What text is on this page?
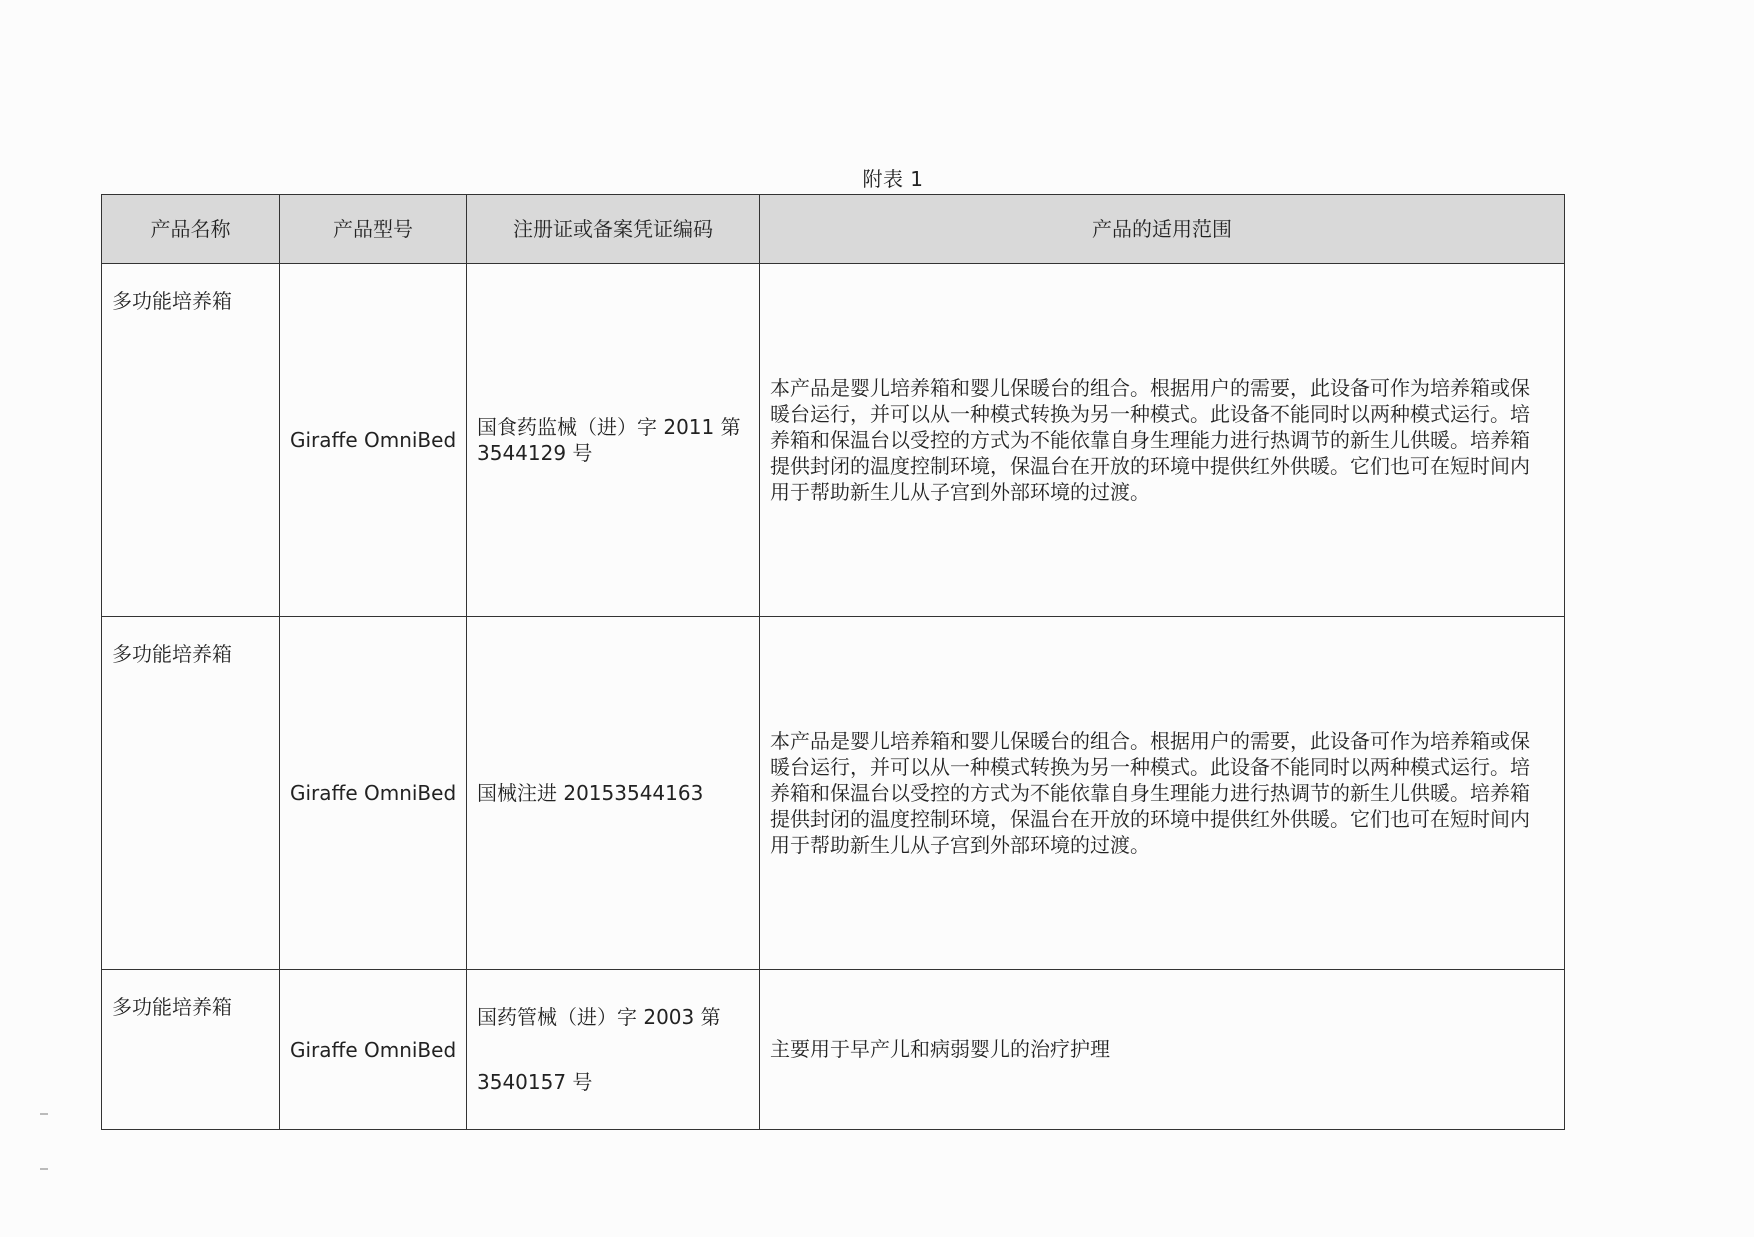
附表 1
产品名称	产品型号	注册证或备案凭证编码	产品的适用范围
多功能培养箱	Giraffe OmniBed	国食药监械（进）字 2011 第 3544129 号	本产品是婴儿培养箱和婴儿保暖台的组合。根据用户的需要，此设备可作为培养箱或保暖台运行，并可以从一种模式转换为另一种模式。此设备不能同时以两种模式运行。培养箱和保温台以受控的方式为不能依靠自身生理能力进行热调节的新生儿供暖。培养箱提供封闭的温度控制环境，保温台在开放的环境中提供红外供暖。它们也可在短时间内用于帮助新生儿从子宫到外部环境的过渡。
多功能培养箱	Giraffe OmniBed	国械注进 20153544163	本产品是婴儿培养箱和婴儿保暖台的组合。根据用户的需要，此设备可作为培养箱或保暖台运行，并可以从一种模式转换为另一种模式。此设备不能同时以两种模式运行。培养箱和保温台以受控的方式为不能依靠自身生理能力进行热调节的新生儿供暖。培养箱提供封闭的温度控制环境，保温台在开放的环境中提供红外供暖。它们也可在短时间内用于帮助新生儿从子宫到外部环境的过渡。
多功能培养箱	Giraffe OmniBed	国药管械（进）字 2003 第 3540157 号	主要用于早产儿和病弱婴儿的治疗护理
